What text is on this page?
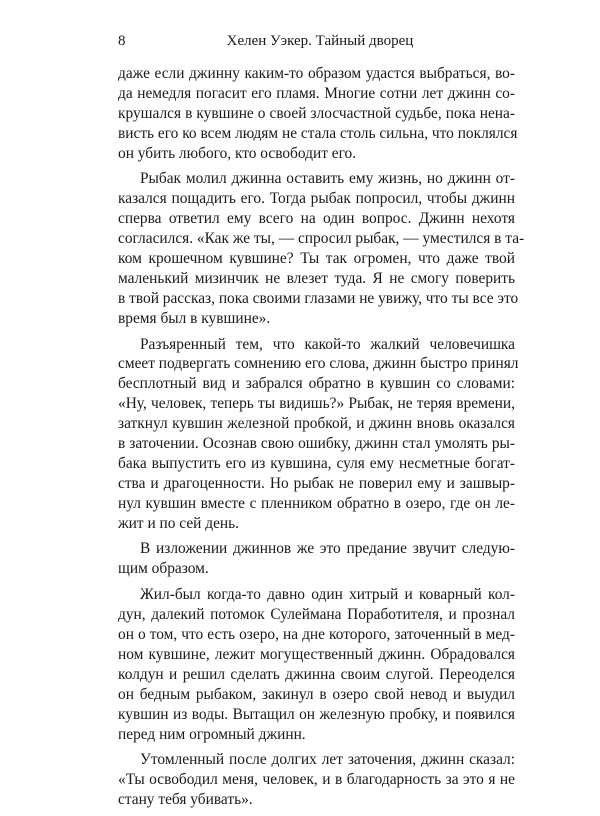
8	Хелен Уэкер. Тайный дворец
даже если джинну каким-то образом удастся выбраться, во-
да немедля погасит его пламя. Многие сотни лет джинн со-
крушался в кувшине о своей злосчастной судьбе, пока нена-
висть его ко всем людям не стала столь сильна, что поклялся
он убить любого, кто освободит его.
Рыбак молил джинна оставить ему жизнь, но джинн от-
казался пощадить его. Тогда рыбак попросил, чтобы джинн
сперва ответил ему всего на один вопрос. Джинн нехотя
согласился. «Как же ты, — спросил рыбак, — уместился в та-
ком крошечном кувшине? Ты так огромен, что даже твой
маленький мизинчик не влезет туда. Я не смогу поверить
в твой рассказ, пока своими глазами не увижу, что ты все это
время был в кувшине».
Разъяренный тем, что какой-то жалкий человечишка
смеет подвергать сомнению его слова, джинн быстро принял
бесплотный вид и забрался обратно в кувшин со словами:
«Ну, человек, теперь ты видишь?» Рыбак, не теряя времени,
заткнул кувшин железной пробкой, и джинн вновь оказался
в заточении. Осознав свою ошибку, джинн стал умолять ры-
бака выпустить его из кувшина, суля ему несметные богат-
ства и драгоценности. Но рыбак не поверил ему и зашвыр-
нул кувшин вместе с пленником обратно в озеро, где он ле-
жит и по сей день.
В изложении джиннов же это предание звучит следую-
щим образом.
Жил-был когда-то давно один хитрый и коварный кол-
дун, далекий потомок Сулеймана Поработителя, и прознал
он о том, что есть озеро, на дне которого, заточенный в мед-
ном кувшине, лежит могущественный джинн. Обрадовался
колдун и решил сделать джинна своим слугой. Переоделся
он бедным рыбаком, закинул в озеро свой невод и выудил
кувшин из воды. Вытащил он железную пробку, и появился
перед ним огромный джинн.
Утомленный после долгих лет заточения, джинн сказал:
«Ты освободил меня, человек, и в благодарность за это я не
стану тебя убивать».
